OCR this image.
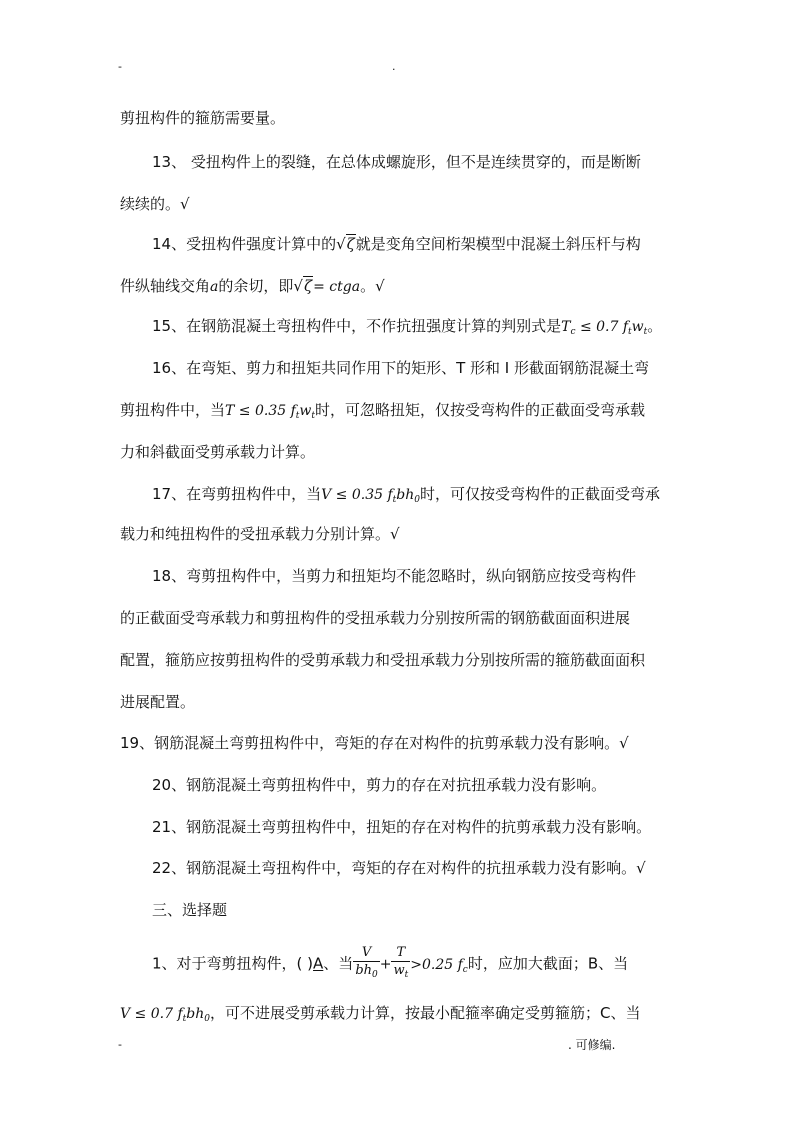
-	.
剪扭构件的箍筋需要量。
13、 受扭构件上的裂缝，在总体成螺旋形，但不是连续贯穿的，而是断断
续续的。√
14、受扭构件强度计算中的√ζ就是变角空间桁架模型中混凝土斜压杆与构
件纵轴线交角a的余切，即√ζ= ctga。√
15、在钢筋混凝土弯扭构件中，不作抗扭强度计算的判别式是$T_c \le 0.7$ $f_tw_t$。
16、在弯矩、剪力和扭矩共同作用下的矩形、T 形和 I 形截面钢筋混凝土弯
剪扭构件中，当T ≤ 0.35 $f_tw_t$时，可忽略扭矩，仅按受弯构件的正截面受弯承载
力和斜截面受剪承载力计算。
17、在弯剪扭构件中，当V ≤ 0.35 $f_tbh_0$时，可仅按受弯构件的正截面受弯承
载力和纯扭构件的受扭承载力分别计算。√
18、弯剪扭构件中，当剪力和扭矩均不能忽略时，纵向钢筋应按受弯构件
的正截面受弯承载力和剪扭构件的受扭承载力分别按所需的钢筋截面面积进展
配置，箍筋应按剪扭构件的受剪承载力和受扭承载力分别按所需的箍筋截面面积
进展配置。
19、钢筋混凝土弯剪扭构件中，弯矩的存在对构件的抗剪承载力没有影响。√
20、钢筋混凝土弯剪扭构件中，剪力的存在对抗扭承载力没有影响。
21、钢筋混凝土弯剪扭构件中，扭矩的存在对构件的抗剪承载力没有影响。
22、钢筋混凝土弯扭构件中，弯矩的存在对构件的抗扭承载力没有影响。√
三、选择题
1、对于弯剪扭构件，( )A、当 $\frac{V}{bh_0} + \frac{T}{w_t} >0.25$ $f_c$时，应加大截面；B、当
V ≤ 0.7 $f_tbh_0$，可不进展受剪承载力计算，按最小配箍率确定受剪箍筋；C、当
-	. 可修编.
